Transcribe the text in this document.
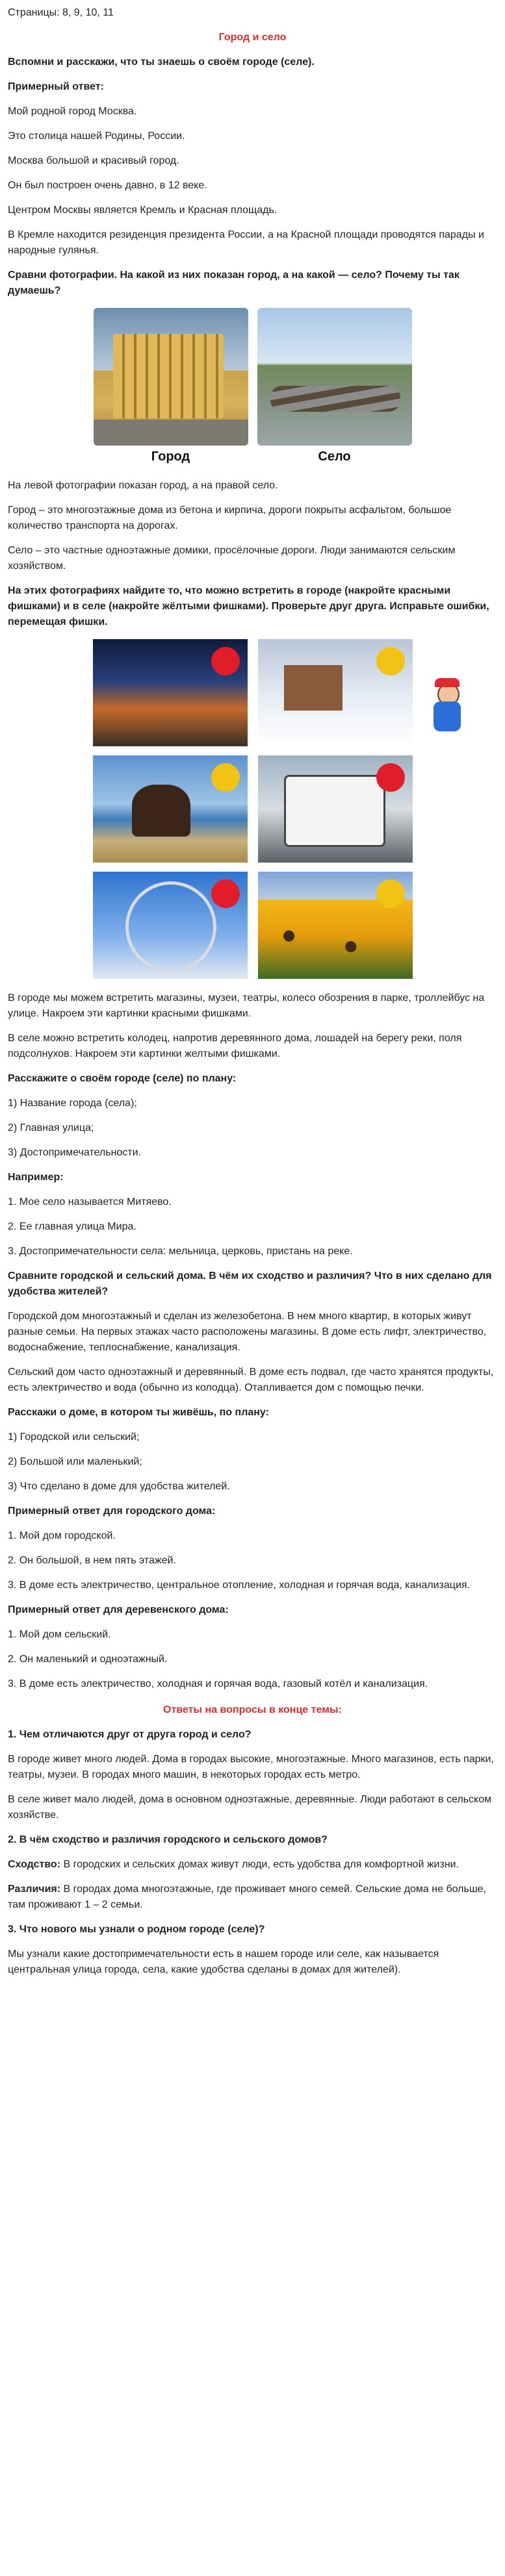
Страницы: 8, 9, 10, 11

Город и село

Вспомни и расскажи, что ты знаешь о своём городе (селе).

Примерный ответ:

Мой родной город Москва.

Это столица нашей Родины, России.

Москва большой и красивый город.

Он был построен очень давно, в 12 веке.

Центром Москвы является Кремль и Красная площадь.

В Кремле находится резиденция президента России, а на Красной площади проводятся парады и народные гулянья.

Сравни фотографии. На какой из них показан город, а на какой — село? Почему ты так думаешь?

Город	Село

На левой фотографии показан город, а на правой село.

Город – это многоэтажные дома из бетона и кирпича, дороги покрыты асфальтом, большое количество транспорта на дорогах.

Село – это частные одноэтажные домики, просёлочные дороги. Люди занимаются сельским хозяйством.

На этих фотографиях найдите то, что можно встретить в городе (накройте красными фишками) и в селе (накройте жёлтыми фишками). Проверьте друг друга. Исправьте ошибки, перемещая фишки.

В городе мы можем встретить магазины, музеи, театры, колесо обозрения в парке, троллейбус на улице. Накроем эти картинки красными фишками.

В селе можно встретить колодец, напротив деревянного дома, лошадей на берегу реки, поля подсолнухов. Накроем эти картинки желтыми фишками.

Расскажите о своём городе (селе) по плану:

1) Название города (села);

2) Главная улица;

3) Достопримечательности.

Например:

1. Мое село называется Митяево.

2. Ее главная улица Мира.

3. Достопримечательности села: мельница, церковь, пристань на реке.

Сравните городской и сельский дома. В чём их сходство и различия? Что в них сделано для удобства жителей?

Городской дом многоэтажный и сделан из железобетона. В нем много квартир, в которых живут разные семьи. На первых этажах часто расположены магазины. В доме есть лифт, электричество, водоснабжение, теплоснабжение, канализация.

Сельский дом часто одноэтажный и деревянный. В доме есть подвал, где часто хранятся продукты, есть электричество и вода (обычно из колодца). Отапливается дом с помощью печки.

Расскажи о доме, в котором ты живёшь, по плану:

1) Городской или сельский;

2) Большой или маленький;

3) Что сделано в доме для удобства жителей.

Примерный ответ для городского дома:

1. Мой дом городской.

2. Он большой, в нем пять этажей.

3. В доме есть электричество, центральное отопление, холодная и горячая вода, канализация.

Примерный ответ для деревенского дома:

1. Мой дом сельский.

2. Он маленький и одноэтажный.

3. В доме есть электричество, холодная и горячая вода, газовый котёл и канализация.

Ответы на вопросы в конце темы:

1. Чем отличаются друг от друга город и село?

В городе живет много людей. Дома в городах высокие, многоэтажные. Много магазинов, есть парки, театры, музеи. В городах много машин, в некоторых городах есть метро.

В селе живет мало людей, дома в основном одноэтажные, деревянные. Люди работают в сельском хозяйстве.

2. В чём сходство и различия городского и сельского домов?

Сходство: В городских и сельских домах живут люди, есть удобства для комфортной жизни.

Различия: В городах дома многоэтажные, где проживает много семей. Сельские дома не больше, там проживают 1 – 2 семьи.

3. Что нового мы узнали о родном городе (селе)?

Мы узнали какие достопримечательности есть в нашем городе или селе, как называется центральная улица города, села, какие удобства сделаны в домах для жителей).
